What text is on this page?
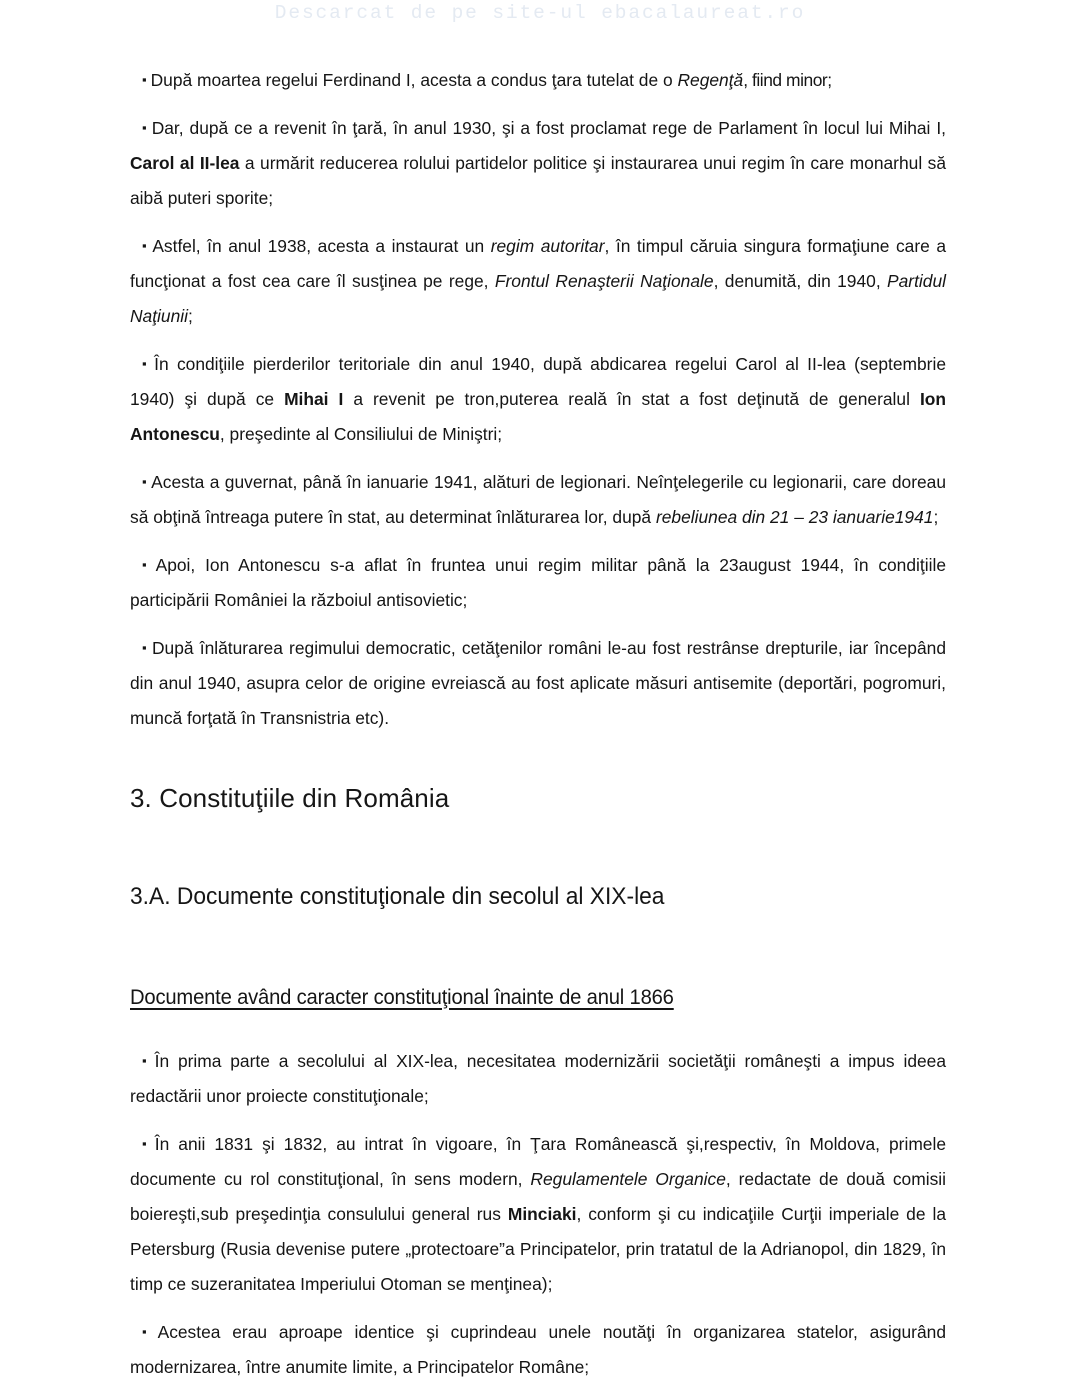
Descarcat de pe site-ul ebacalaureat.ro

▪ După moartea regelui Ferdinand I, acesta a condus ţara tutelat de o Regenţă, fiind minor;

▪ Dar, după ce a revenit în ţară, în anul 1930, şi a fost proclamat rege de Parlament în locul lui Mihai I, Carol al II-lea a urmărit reducerea rolului partidelor politice şi instaurarea unui regim în care monarhul să aibă puteri sporite;

▪ Astfel, în anul 1938, acesta a instaurat un regim autoritar, în timpul căruia singura formaţiune care a funcţionat a fost cea care îl susţinea pe rege, Frontul Renaşterii Naţionale, denumită, din 1940, Partidul Naţiunii;

▪ În condiţiile pierderilor teritoriale din anul 1940, după abdicarea regelui Carol al II-lea (septembrie 1940) şi după ce Mihai I a revenit pe tron,puterea reală în stat a fost deţinută de generalul Ion Antonescu, preşedinte al Consiliului de Miniştri;

▪ Acesta a guvernat, până în ianuarie 1941, alături de legionari. Neînţelegerile cu legionarii, care doreau să obţină întreaga putere în stat, au determinat înlăturarea lor, după rebeliunea din 21 – 23 ianuarie1941;

▪ Apoi, Ion Antonescu s-a aflat în fruntea unui regim militar până la 23august 1944, în condiţiile participării României la războiul antisovietic;

▪ După înlăturarea regimului democratic, cetăţenilor români le-au fost restrânse drepturile, iar începând din anul 1940, asupra celor de origine evreiască au fost aplicate măsuri antisemite (deportări, pogromuri, muncă forţată în Transnistria etc).

3. Constituţiile din România
3.A. Documente constituţionale din secolul al XIX-lea
Documente având caracter constituţional înainte de anul 1866

▪ În prima parte a secolului al XIX-lea, necesitatea modernizării societăţii româneşti a impus ideea redactării unor proiecte constituţionale;

▪ În anii 1831 şi 1832, au intrat în vigoare, în Ţara Românească şi,respectiv, în Moldova, primele documente cu rol constituţional, în sens modern, Regulamentele Organice, redactate de două comisii boiereşti,sub preşedinţia consulului general rus Minciaki, conform şi cu indicaţiile Curţii imperiale de la Petersburg (Rusia devenise putere „protectoare”a Principatelor, prin tratatul de la Adrianopol, din 1829, în timp ce suzeranitatea Imperiului Otoman se menţinea);

▪ Acestea erau aproape identice şi cuprindeau unele noutăţi în organizarea statelor, asigurând modernizarea, între anumite limite, a Principatelor Române;
